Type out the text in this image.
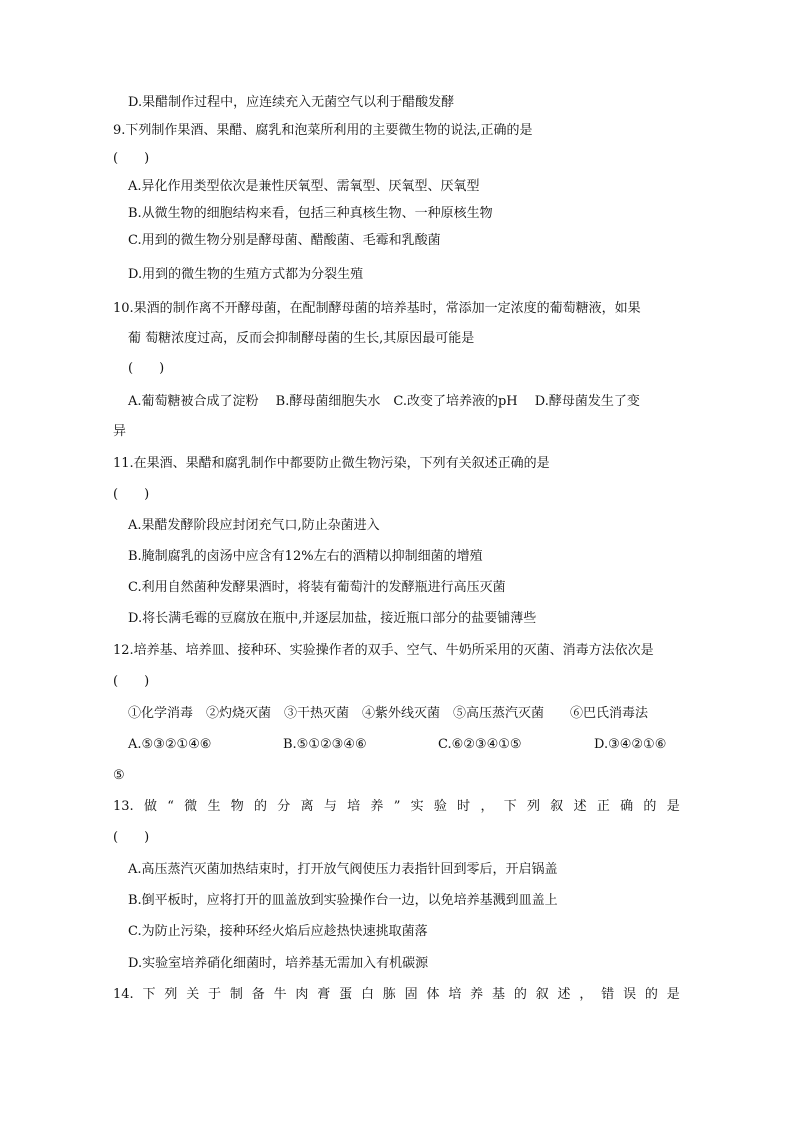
D.果醋制作过程中，应连续充入无菌空气以利于醋酸发酵
9.下列制作果酒、果醋、腐乳和泡菜所利用的主要微生物的说法,正确的是
(　　)
A.异化作用类型依次是兼性厌氧型、需氧型、厌氧型、厌氧型
B.从微生物的细胞结构来看，包括三种真核生物、一种原核生物
C.用到的微生物分别是酵母菌、醋酸菌、毛霉和乳酸菌
D.用到的微生物的生殖方式都为分裂生殖
10.果酒的制作离不开酵母菌，在配制酵母菌的培养基时，常添加一定浓度的葡萄糖液，如果
葡 萄糖浓度过高，反而会抑制酵母菌的生长,其原因最可能是
(　　)
A.葡萄糖被合成了淀粉　 B.酵母菌细胞失水　C.改变了培养液的pH　 D.酵母菌发生了变
异
11.在果酒、果醋和腐乳制作中都要防止微生物污染，下列有关叙述正确的是
(　　)
A.果醋发酵阶段应封闭充气口,防止杂菌进入
B.腌制腐乳的卤汤中应含有12%左右的酒精以抑制细菌的增殖
C.利用自然菌种发酵果酒时，将装有葡萄汁的发酵瓶进行高压灭菌
D.将长满毛霉的豆腐放在瓶中,并逐层加盐，接近瓶口部分的盐要铺薄些
12.培养基、培养皿、接种环、实验操作者的双手、空气、牛奶所采用的灭菌、消毒方法依次是
(　　)
①化学消毒　②灼烧灭菌　③干热灭菌　④紫外线灭菌　⑤高压蒸汽灭菌　　⑥巴氏消毒法
A.⑤③②①④⑥	B.⑤①②③④⑥	C.⑥②③④①⑤	D.③④②①⑥
⑤
13. 做 “ 微 生 物 的 分 离 与 培 养 ” 实 验 时 ， 下 列 叙 述 正 确 的 是
(　　)
A.高压蒸汽灭菌加热结束时，打开放气阀使压力表指针回到零后，开启锅盖
B.倒平板时，应将打开的皿盖放到实验操作台一边，以免培养基溅到皿盖上
C.为防止污染，接种环经火焰后应趁热快速挑取菌落
D.实验室培养硝化细菌时，培养基无需加入有机碳源
14. 下 列 关 于 制 备 牛 肉 膏 蛋 白 胨 固 体 培 养 基 的 叙 述 ， 错 误 的 是
